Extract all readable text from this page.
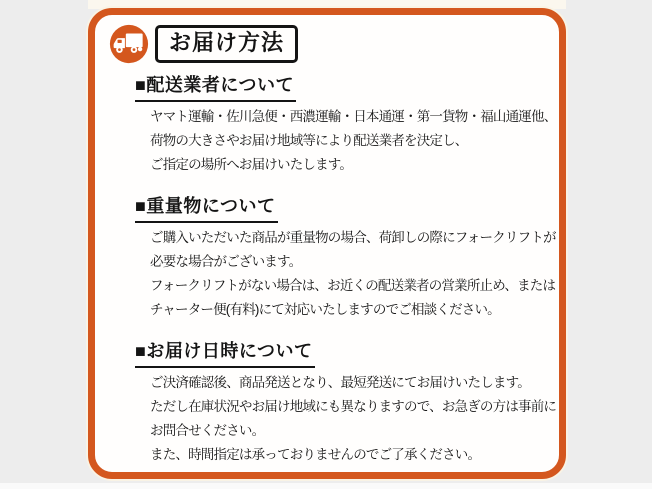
お届け方法
■配送業者について
ヤマト運輸・佐川急便・西濃運輸・日本通運・第一貨物・福山通運他、
荷物の大きさやお届け地域等により配送業者を決定し、
ご指定の場所へお届けいたします。
■重量物について
ご購入いただいた商品が重量物の場合、荷卸しの際にフォークリフトが
必要な場合がございます。
フォークリフトがない場合は、お近くの配送業者の営業所止め、または
チャーター便(有料)にて対応いたしますのでご相談ください。
■お届け日時について
ご決済確認後、商品発送となり、最短発送にてお届けいたします。
ただし在庫状況やお届け地域にも異なりますので、お急ぎの方は事前に
お問合せください。
また、時間指定は承っておりませんのでご了承ください。
